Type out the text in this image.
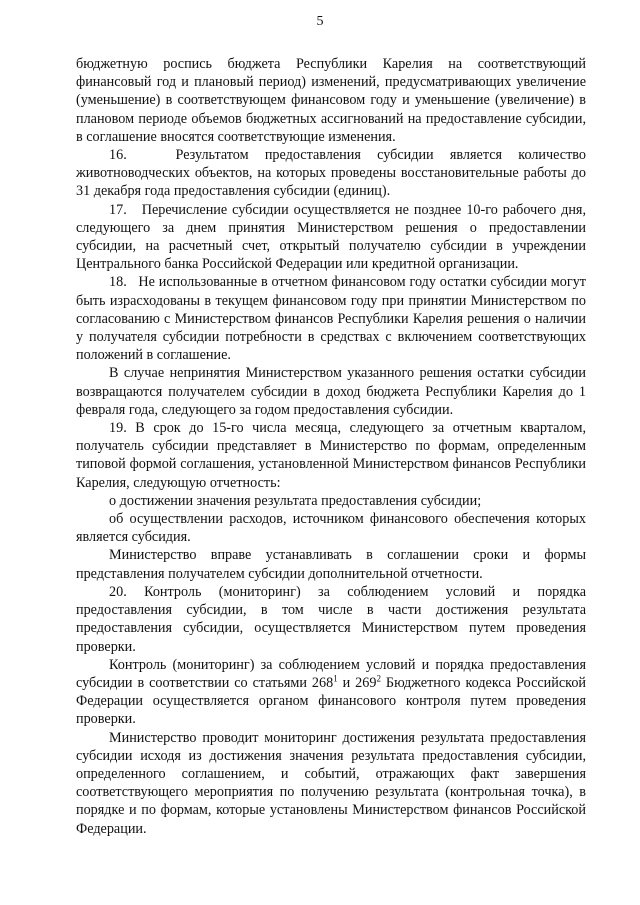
5

бюджетную роспись бюджета Республики Карелия на соответствующий финансовый год и плановый период) изменений, предусматривающих увеличение (уменьшение) в соответствующем финансовом году и уменьшение (увеличение) в плановом периоде объемов бюджетных ассигнований на предоставление субсидии, в соглашение вносятся соответствующие изменения.

16.   Результатом предоставления субсидии является количество животноводческих объектов, на которых проведены восстановительные работы до 31 декабря года предоставления субсидии (единиц).

17.   Перечисление субсидии осуществляется не позднее 10-го рабочего дня, следующего за днем принятия Министерством решения о предоставлении субсидии, на расчетный счет, открытый получателю субсидии в учреждении Центрального банка Российской Федерации или кредитной организации.

18.   Не использованные в отчетном финансовом году остатки субсидии могут быть израсходованы в текущем финансовом году при принятии Министерством по согласованию с Министерством финансов Республики Карелия решения о наличии у получателя субсидии потребности в средствах с включением соответствующих положений в соглашение.

В случае непринятия Министерством указанного решения остатки субсидии возвращаются получателем субсидии в доход бюджета Республики Карелия до 1 февраля года, следующего за годом предоставления субсидии.

19. В срок до 15-го числа месяца, следующего за отчетным кварталом, получатель субсидии представляет в Министерство по формам, определенным типовой формой соглашения, установленной Министерством финансов Республики Карелия, следующую отчетность:

о достижении значения результата предоставления субсидии;

об осуществлении расходов, источником финансового обеспечения которых является субсидия.

Министерство вправе устанавливать в соглашении сроки и формы представления получателем субсидии дополнительной отчетности.

20. Контроль (мониторинг) за соблюдением условий и порядка предоставления субсидии, в том числе в части достижения результата предоставления субсидии, осуществляется Министерством путем проведения проверки.

Контроль (мониторинг) за соблюдением условий и порядка предоставления субсидии в соответствии со статьями $268^1$ и $269^2$ Бюджетного кодекса Российской Федерации осуществляется органом финансового контроля путем проведения проверки.

Министерство проводит мониторинг достижения результата предоставления субсидии исходя из достижения значения результата предоставления субсидии, определенного соглашением, и событий, отражающих факт завершения соответствующего мероприятия по получению результата (контрольная точка), в порядке и по формам, которые установлены Министерством финансов Российской Федерации.
